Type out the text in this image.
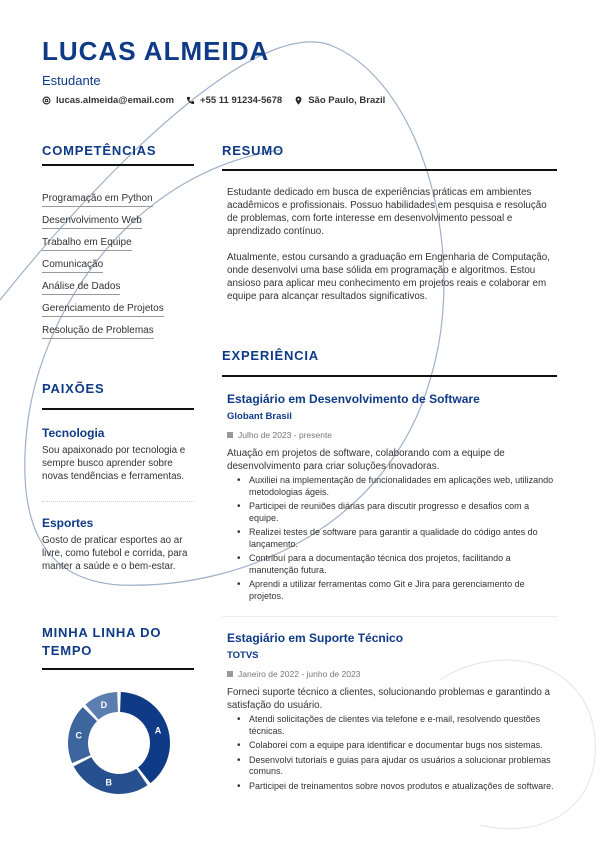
LUCAS ALMEIDA
Estudante
lucas.almeida@email.com	+55 11 91234-5678	São Paulo, Brazil
COMPETÊNCIAS
Programação em Python
Desenvolvimento Web
Trabalho em Equipe
Comunicação
Análise de Dados
Gerenciamento de Projetos
Resolução de Problemas
PAIXÕES
Tecnologia
Sou apaixonado por tecnologia e sempre busco aprender sobre novas tendências e ferramentas.
Esportes
Gosto de praticar esportes ao ar livre, como futebol e corrida, para manter a saúde e o bem-estar.
MINHA LINHA DO
TEMPO
A
B
C
D
RESUMO
Estudante dedicado em busca de experiências práticas em ambientes acadêmicos e profissionais. Possuo habilidades em pesquisa e resolução de problemas, com forte interesse em desenvolvimento pessoal e aprendizado contínuo.
Atualmente, estou cursando a graduação em Engenharia de Computação, onde desenvolvi uma base sólida em programação e algoritmos. Estou ansioso para aplicar meu conhecimento em projetos reais e colaborar em equipe para alcançar resultados significativos.
EXPERIÊNCIA
Estagiário em Desenvolvimento de Software
Globant Brasil
Julho de 2023 - presente
Atuação em projetos de software, colaborando com a equipe de desenvolvimento para criar soluções inovadoras.
• Auxiliei na implementação de funcionalidades em aplicações web, utilizando metodologias ágeis.
• Participei de reuniões diárias para discutir progresso e desafios com a equipe.
• Realizei testes de software para garantir a qualidade do código antes do lançamento.
• Contribuí para a documentação técnica dos projetos, facilitando a manutenção futura.
• Aprendi a utilizar ferramentas como Git e Jira para gerenciamento de projetos.
Estagiário em Suporte Técnico
TOTVS
Janeiro de 2022 - junho de 2023
Forneci suporte técnico a clientes, solucionando problemas e garantindo a satisfação do usuário.
• Atendi solicitações de clientes via telefone e e-mail, resolvendo questões técnicas.
• Colaborei com a equipe para identificar e documentar bugs nos sistemas.
• Desenvolvi tutoriais e guias para ajudar os usuários a solucionar problemas comuns.
• Participei de treinamentos sobre novos produtos e atualizações de software.
